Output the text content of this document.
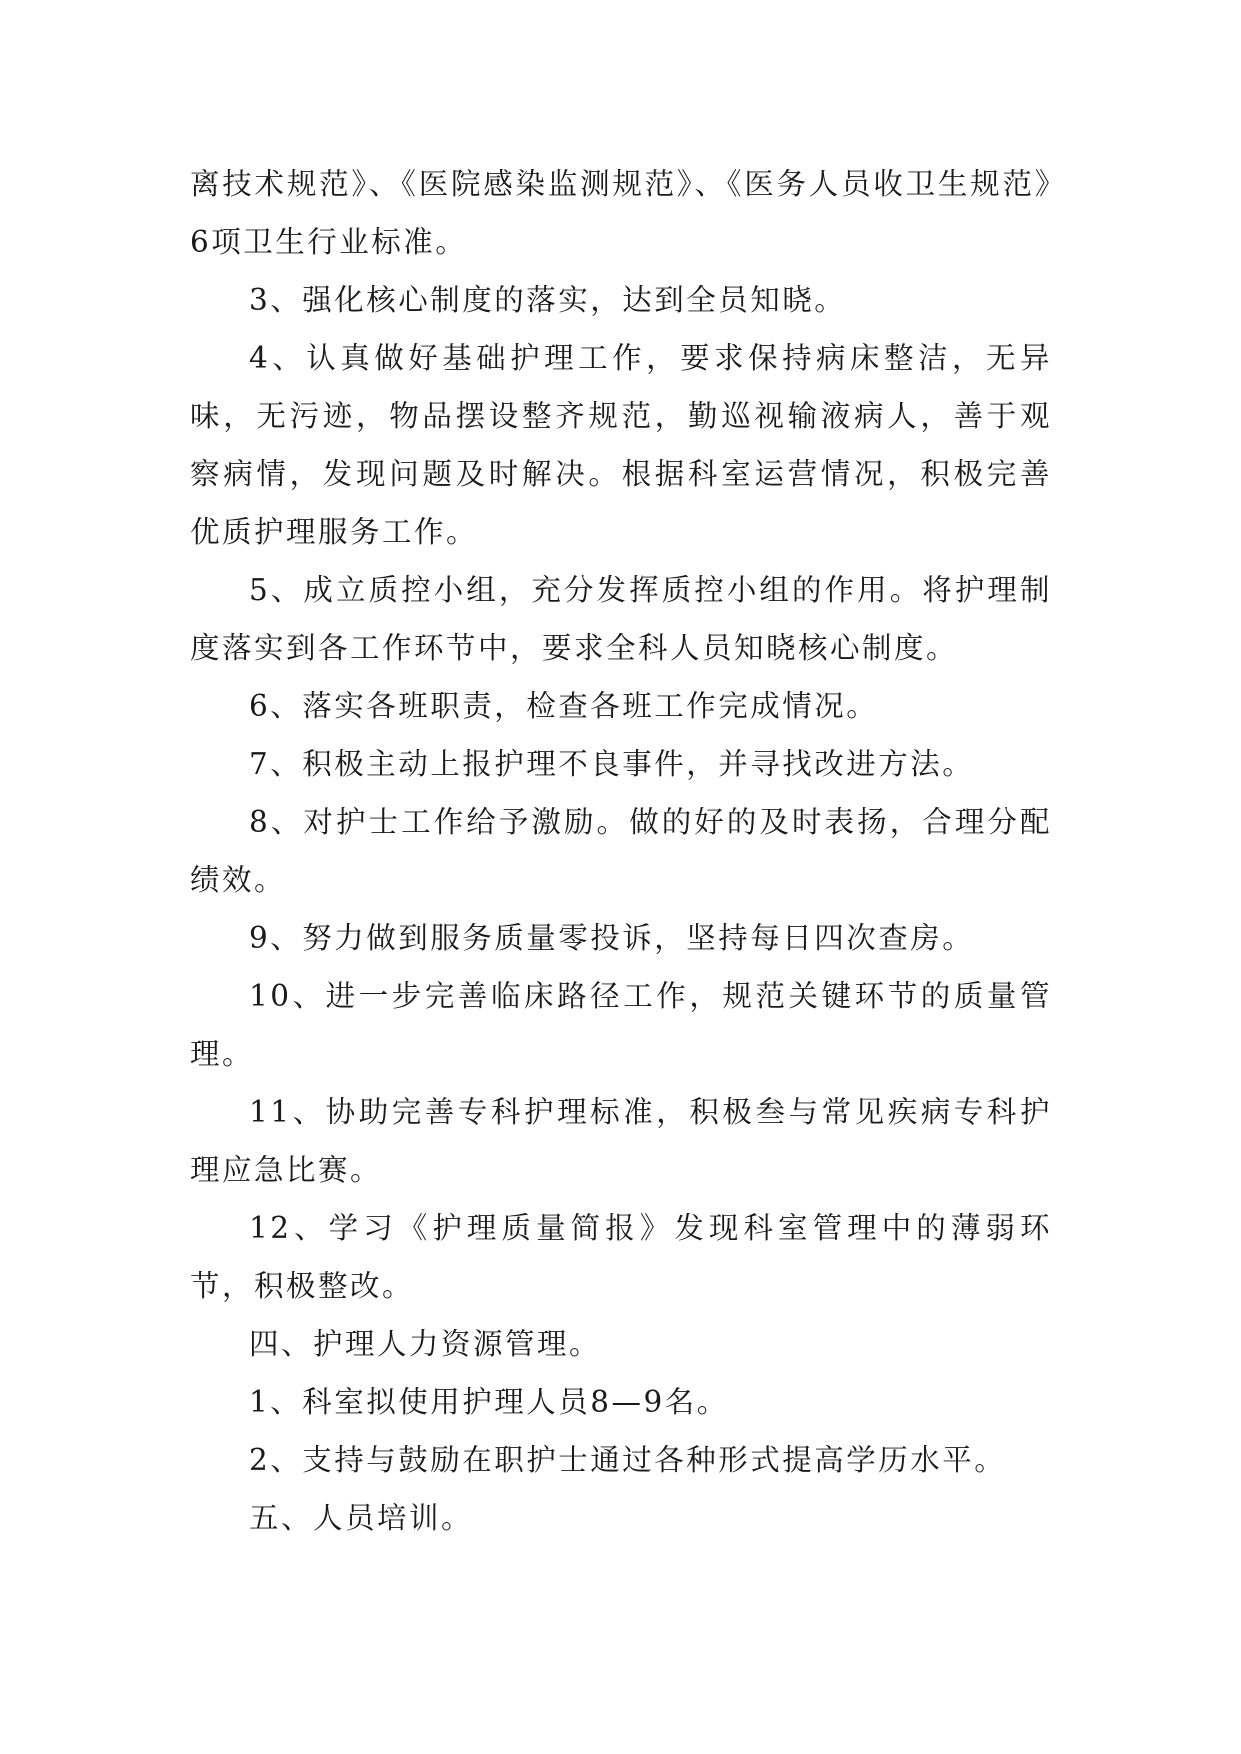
离技术规范》、《医院感染监测规范》、《医务人员收卫生规范》6项卫生行业标准。

3、强化核心制度的落实，达到全员知晓。

4、认真做好基础护理工作，要求保持病床整洁，无异味，无污迹，物品摆设整齐规范，勤巡视输液病人，善于观察病情，发现问题及时解决。根据科室运营情况，积极完善优质护理服务工作。

5、成立质控小组，充分发挥质控小组的作用。将护理制度落实到各工作环节中，要求全科人员知晓核心制度。

6、落实各班职责，检查各班工作完成情况。

7、积极主动上报护理不良事件，并寻找改进方法。

8、对护士工作给予激励。做的好的及时表扬，合理分配绩效。

9、努力做到服务质量零投诉，坚持每日四次查房。

10、进一步完善临床路径工作，规范关键环节的质量管理。

11、协助完善专科护理标准，积极叁与常见疾病专科护理应急比赛。

12、学习《护理质量简报》发现科室管理中的薄弱环节，积极整改。

四、护理人力资源管理。

1、科室拟使用护理人员8—9名。

2、支持与鼓励在职护士通过各种形式提高学历水平。

五、人员培训。
